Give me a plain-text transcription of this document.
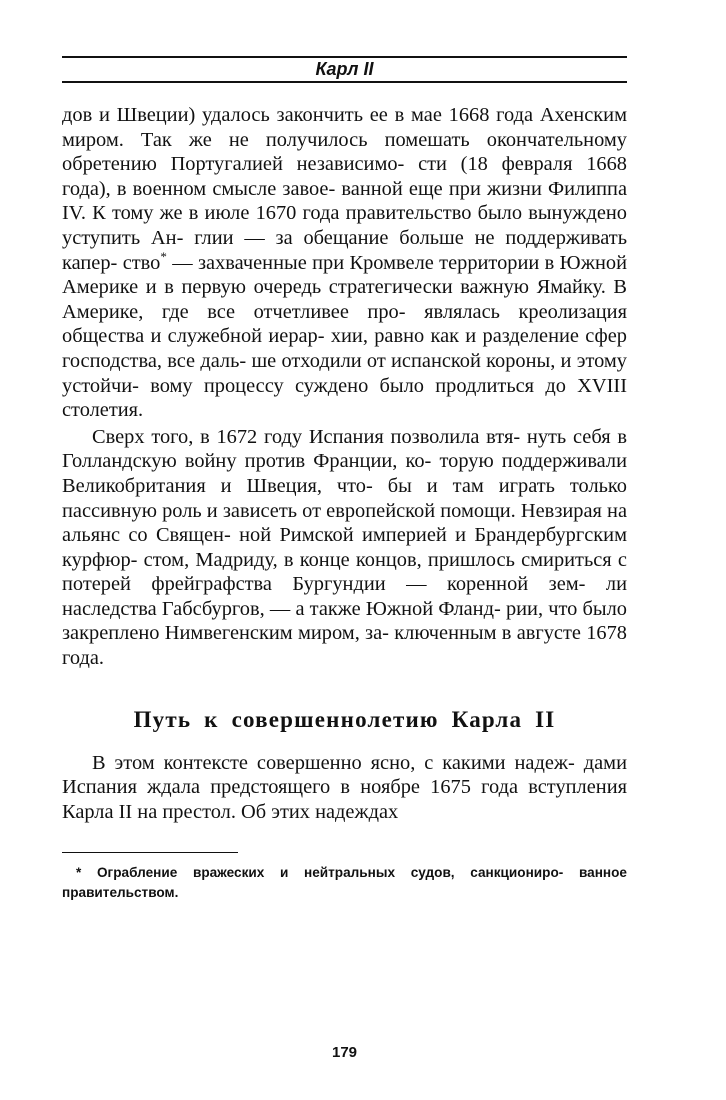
Карл II

дов и Швеции) удалось закончить ее в мае 1668 года Ахенским миром. Так же не получилось помешать окончательному обретению Португалией независимо- сти (18 февраля 1668 года), в военном смысле завое- ванной еще при жизни Филиппа IV. К тому же в июле 1670 года правительство было вынуждено уступить Ан- глии — за обещание больше не поддерживать капер- ство* — захваченные при Кромвеле территории в Южной Америке и в первую очередь стратегически важную Ямайку. В Америке, где все отчетливее про- являлась креолизация общества и служебной иерар- хии, равно как и разделение сфер господства, все даль- ше отходили от испанской короны, и этому устойчи- вому процессу суждено было продлиться до XVIII столетия.

Сверх того, в 1672 году Испания позволила втя- нуть себя в Голландскую войну против Франции, ко- торую поддерживали Великобритания и Швеция, что- бы и там играть только пассивную роль и зависеть от европейской помощи. Невзирая на альянс со Священ- ной Римской империей и Брандербургским курфюр- стом, Мадриду, в конце концов, пришлось смириться с потерей фрейграфства Бургундии — коренной зем- ли наследства Габсбургов, — а также Южной Фланд- рии, что было закреплено Нимвегенским миром, за- ключенным в августе 1678 года.

Путь к совершеннолетию Карла II

В этом контексте совершенно ясно, с какими надеж- дами Испания ждала предстоящего в ноябре 1675 года вступления Карла II на престол. Об этих надеждах

* Ограбление вражеских и нейтральных судов, санкциониро- ванное правительством.
179
